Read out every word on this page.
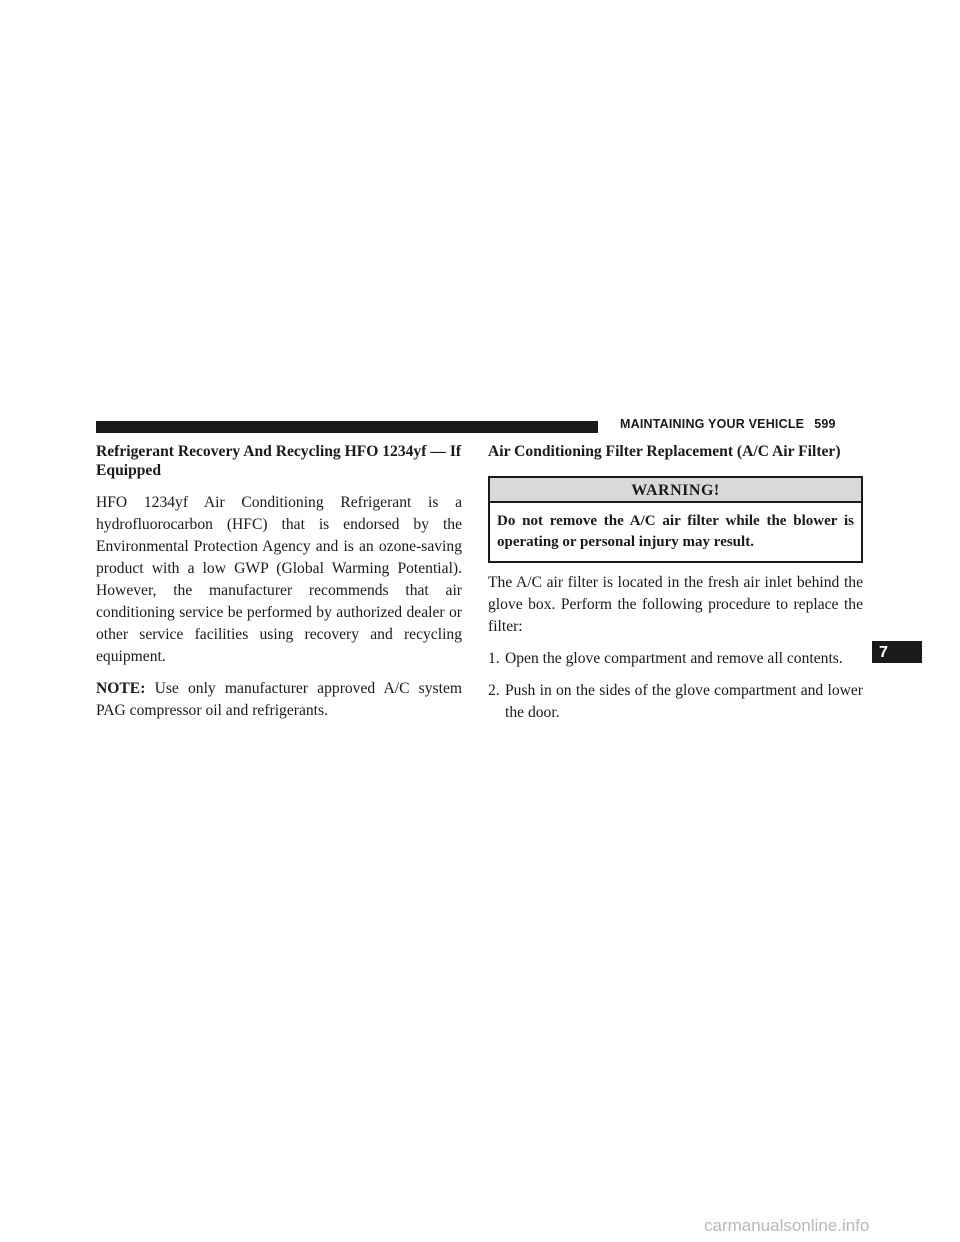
MAINTAINING YOUR VEHICLE 599
Refrigerant Recovery And Recycling HFO 1234yf — If Equipped

HFO 1234yf Air Conditioning Refrigerant is a hydrofluorocarbon (HFC) that is endorsed by the Environmental Protection Agency and is an ozone-saving product with a low GWP (Global Warming Potential). However, the manufacturer recommends that air conditioning service be performed by authorized dealer or other service facilities using recovery and recycling equipment.

NOTE: Use only manufacturer approved A/C system PAG compressor oil and refrigerants.

Air Conditioning Filter Replacement (A/C Air Filter)
WARNING!
Do not remove the A/C air filter while the blower is operating or personal injury may result.

The A/C air filter is located in the fresh air inlet behind the glove box. Perform the following procedure to replace the filter:

1. Open the glove compartment and remove all contents.
2. Push in on the sides of the glove compartment and lower the door.
7
carmanualsonline.info
